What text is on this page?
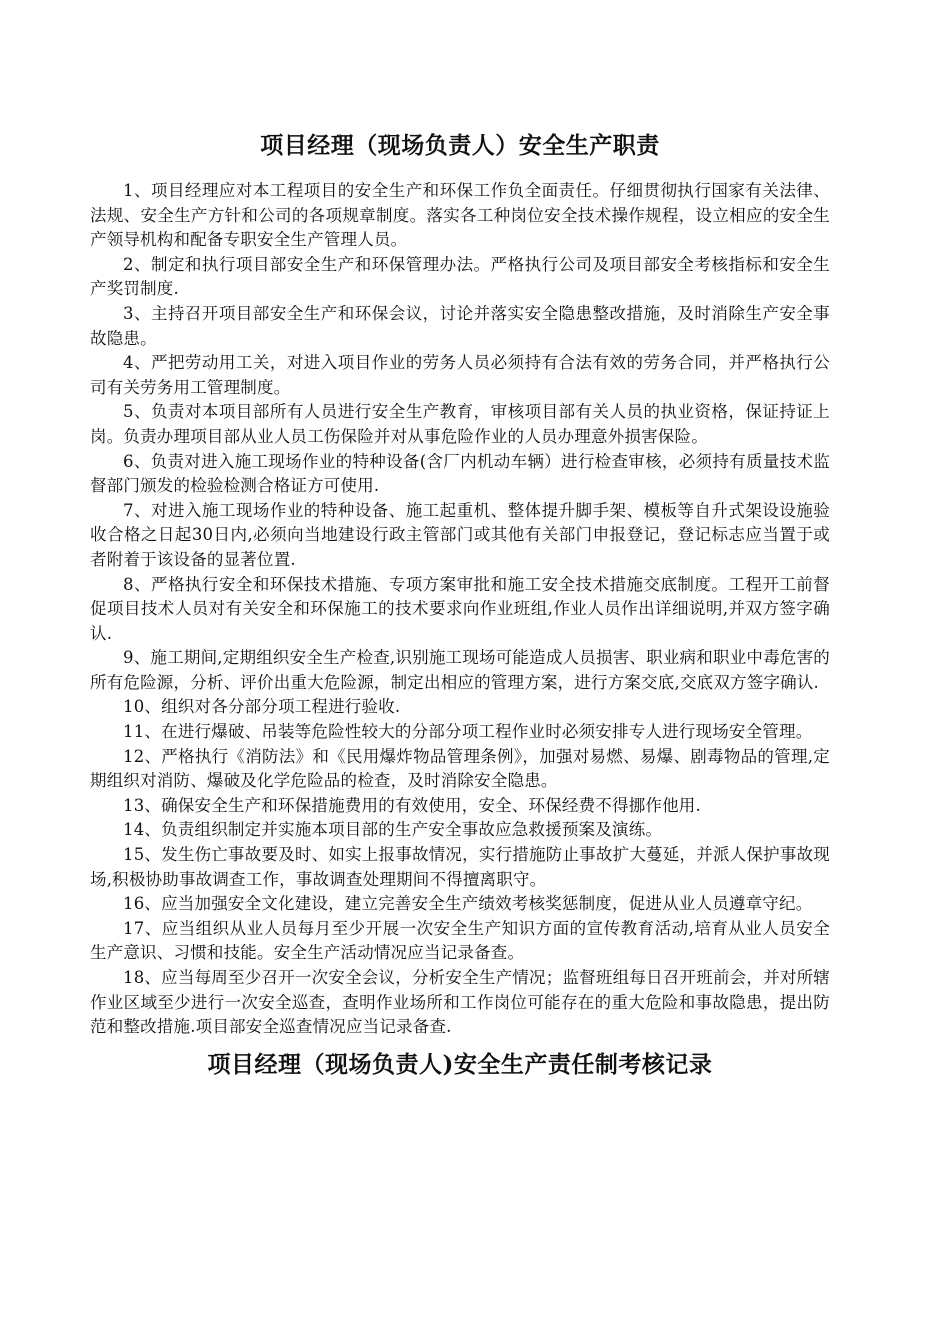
项目经理（现场负责人）安全生产职责

1、项目经理应对本工程项目的安全生产和环保工作负全面责任。仔细贯彻执行国家有关法律、法规、安全生产方针和公司的各项规章制度。落实各工种岗位安全技术操作规程，设立相应的安全生产领导机构和配备专职安全生产管理人员。

2、制定和执行项目部安全生产和环保管理办法。严格执行公司及项目部安全考核指标和安全生产奖罚制度.

3、主持召开项目部安全生产和环保会议，讨论并落实安全隐患整改措施，及时消除生产安全事故隐患。

4、严把劳动用工关，对进入项目作业的劳务人员必须持有合法有效的劳务合同，并严格执行公司有关劳务用工管理制度。

5、负责对本项目部所有人员进行安全生产教育，审核项目部有关人员的执业资格，保证持证上岗。负责办理项目部从业人员工伤保险并对从事危险作业的人员办理意外损害保险。

6、负责对进入施工现场作业的特种设备(含厂内机动车辆）进行检查审核，必须持有质量技术监督部门颁发的检验检测合格证方可使用.

7、对进入施工现场作业的特种设备、施工起重机、整体提升脚手架、模板等自升式架设设施验收合格之日起30日内,必须向当地建设行政主管部门或其他有关部门申报登记，登记标志应当置于或者附着于该设备的显著位置.

8、严格执行安全和环保技术措施、专项方案审批和施工安全技术措施交底制度。工程开工前督促项目技术人员对有关安全和环保施工的技术要求向作业班组,作业人员作出详细说明,并双方签字确认.

9、施工期间,定期组织安全生产检查,识别施工现场可能造成人员损害、职业病和职业中毒危害的所有危险源，分析、评价出重大危险源，制定出相应的管理方案，进行方案交底,交底双方签字确认.

10、组织对各分部分项工程进行验收.

11、在进行爆破、吊装等危险性较大的分部分项工程作业时必须安排专人进行现场安全管理。

12、严格执行《消防法》和《民用爆炸物品管理条例》，加强对易燃、易爆、剧毒物品的管理,定期组织对消防、爆破及化学危险品的检查，及时消除安全隐患。

13、确保安全生产和环保措施费用的有效使用，安全、环保经费不得挪作他用.

14、负责组织制定并实施本项目部的生产安全事故应急救援预案及演练。

15、发生伤亡事故要及时、如实上报事故情况，实行措施防止事故扩大蔓延，并派人保护事故现场,积极协助事故调查工作，事故调查处理期间不得擅离职守。

16、应当加强安全文化建设，建立完善安全生产绩效考核奖惩制度，促进从业人员遵章守纪。

17、应当组织从业人员每月至少开展一次安全生产知识方面的宣传教育活动,培育从业人员安全生产意识、习惯和技能。安全生产活动情况应当记录备查。

18、应当每周至少召开一次安全会议，分析安全生产情况；监督班组每日召开班前会，并对所辖作业区域至少进行一次安全巡查，查明作业场所和工作岗位可能存在的重大危险和事故隐患，提出防范和整改措施.项目部安全巡查情况应当记录备查.

项目经理（现场负责人)安全生产责任制考核记录
